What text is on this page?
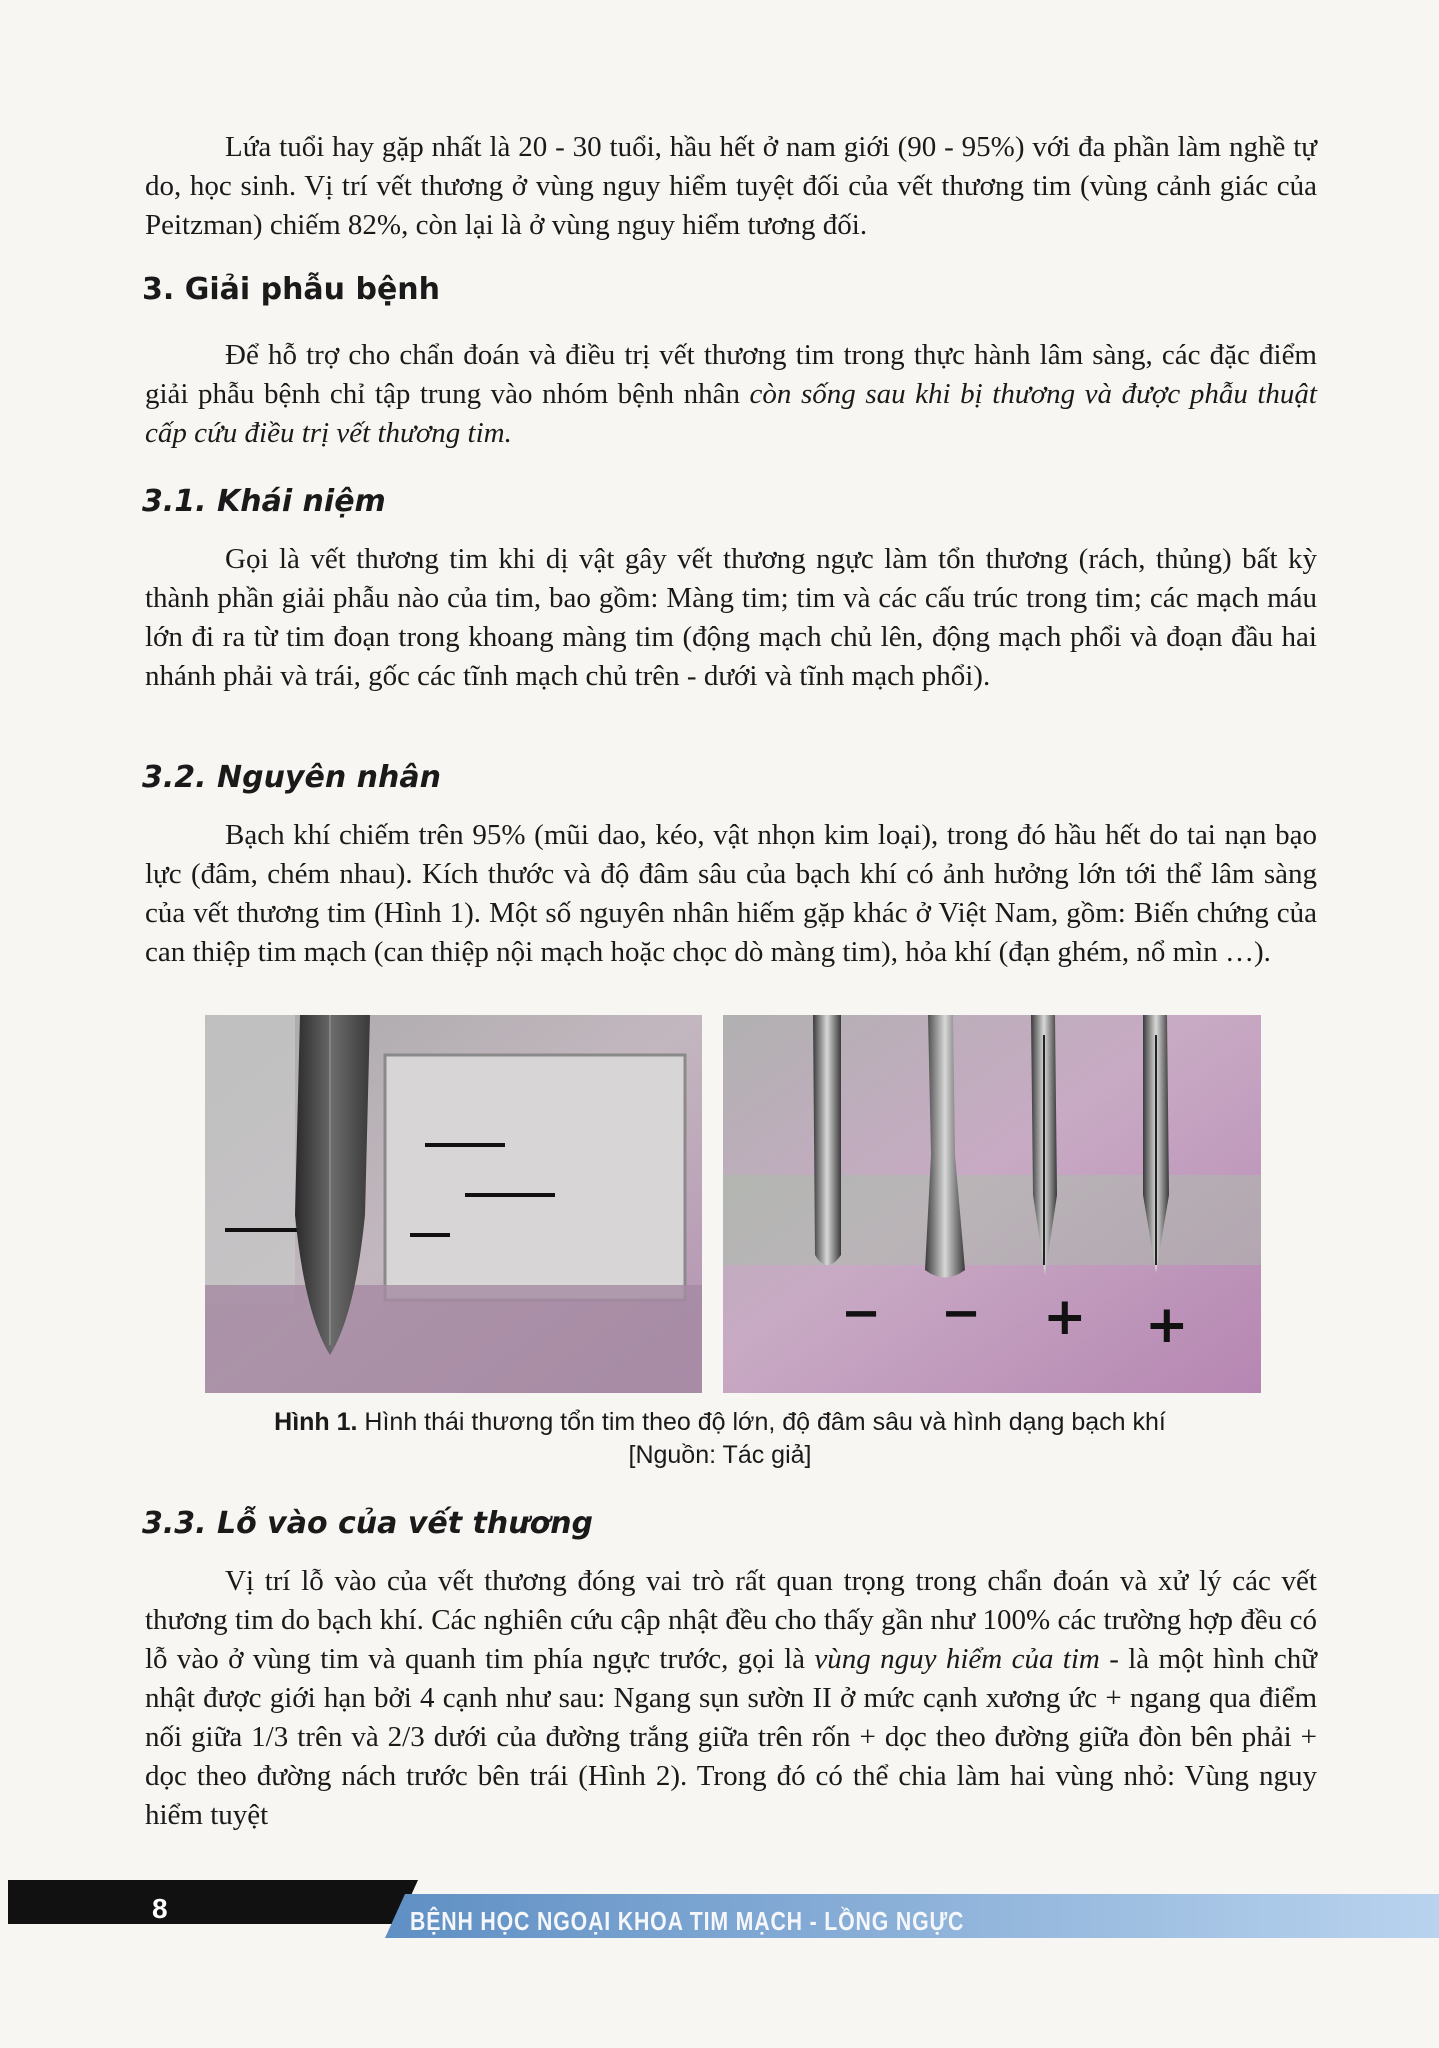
Lứa tuổi hay gặp nhất là 20 - 30 tuổi, hầu hết ở nam giới (90 - 95%) với đa phần làm nghề tự do, học sinh. Vị trí vết thương ở vùng nguy hiểm tuyệt đối của vết thương tim (vùng cảnh giác của Peitzman) chiếm 82%, còn lại là ở vùng nguy hiểm tương đối.

3. Giải phẫu bệnh

Để hỗ trợ cho chẩn đoán và điều trị vết thương tim trong thực hành lâm sàng, các đặc điểm giải phẫu bệnh chỉ tập trung vào nhóm bệnh nhân còn sống sau khi bị thương và được phẫu thuật cấp cứu điều trị vết thương tim.

3.1. Khái niệm

Gọi là vết thương tim khi dị vật gây vết thương ngực làm tổn thương (rách, thủng) bất kỳ thành phần giải phẫu nào của tim, bao gồm: Màng tim; tim và các cấu trúc trong tim; các mạch máu lớn đi ra từ tim đoạn trong khoang màng tim (động mạch chủ lên, động mạch phổi và đoạn đầu hai nhánh phải và trái, gốc các tĩnh mạch chủ trên - dưới và tĩnh mạch phổi).

3.2. Nguyên nhân

Bạch khí chiếm trên 95% (mũi dao, kéo, vật nhọn kim loại), trong đó hầu hết do tai nạn bạo lực (đâm, chém nhau). Kích thước và độ đâm sâu của bạch khí có ảnh hưởng lớn tới thể lâm sàng của vết thương tim (Hình 1). Một số nguyên nhân hiếm gặp khác ở Việt Nam, gồm: Biến chứng của can thiệp tim mạch (can thiệp nội mạch hoặc chọc dò màng tim), hỏa khí (đạn ghém, nổ mìn …).

− − + +
Hình 1. Hình thái thương tổn tim theo độ lớn, độ đâm sâu và hình dạng bạch khí
[Nguồn: Tác giả]
3.3. Lỗ vào của vết thương

Vị trí lỗ vào của vết thương đóng vai trò rất quan trọng trong chẩn đoán và xử lý các vết thương tim do bạch khí. Các nghiên cứu cập nhật đều cho thấy gần như 100% các trường hợp đều có lỗ vào ở vùng tim và quanh tim phía ngực trước, gọi là vùng nguy hiểm của tim - là một hình chữ nhật được giới hạn bởi 4 cạnh như sau: Ngang sụn sườn II ở mức cạnh xương ức + ngang qua điểm nối giữa 1/3 trên và 2/3 dưới của đường trắng giữa trên rốn + dọc theo đường giữa đòn bên phải + dọc theo đường nách trước bên trái (Hình 2). Trong đó có thể chia làm hai vùng nhỏ: Vùng nguy hiểm tuyệt

8	BỆNH HỌC NGOẠI KHOA TIM MẠCH - LỒNG NGỰC
